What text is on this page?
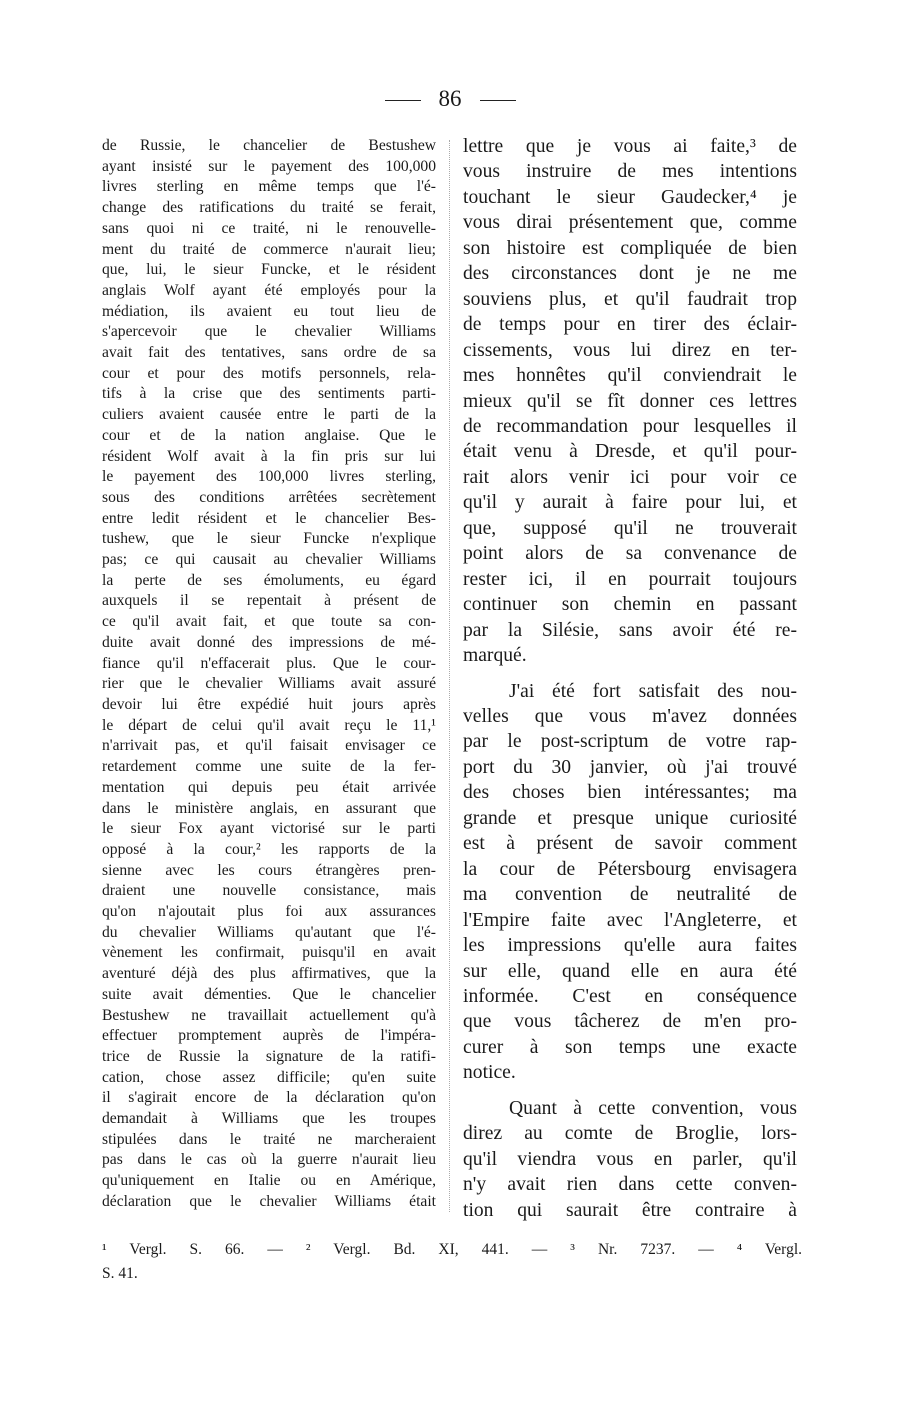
86
de Russie, le chancelier de Bestushew
ayant insisté sur le payement des 100,000
livres sterling en même temps que l'é-
change des ratifications du traité se ferait,
sans quoi ni ce traité, ni le renouvelle-
ment du traité de commerce n'aurait lieu;
que, lui, le sieur Funcke, et le résident
anglais Wolf ayant été employés pour la
médiation, ils avaient eu tout lieu de
s'apercevoir que le chevalier Williams
avait fait des tentatives, sans ordre de sa
cour et pour des motifs personnels, rela-
tifs à la crise que des sentiments parti-
culiers avaient causée entre le parti de la
cour et de la nation anglaise. Que le
résident Wolf avait à la fin pris sur lui
le payement des 100,000 livres sterling,
sous des conditions arrêtées secrètement
entre ledit résident et le chancelier Bes-
tushew, que le sieur Funcke n'explique
pas; ce qui causait au chevalier Williams
la perte de ses émoluments, eu égard
auxquels il se repentait à présent de
ce qu'il avait fait, et que toute sa con-
duite avait donné des impressions de mé-
fiance qu'il n'effacerait plus. Que le cour-
rier que le chevalier Williams avait assuré
devoir lui être expédié huit jours après
le départ de celui qu'il avait reçu le 11,¹
n'arrivait pas, et qu'il faisait envisager ce
retardement comme une suite de la fer-
mentation qui depuis peu était arrivée
dans le ministère anglais, en assurant que
le sieur Fox ayant victorisé sur le parti
opposé à la cour,² les rapports de la
sienne avec les cours étrangères pren-
draient une nouvelle consistance, mais
qu'on n'ajoutait plus foi aux assurances
du chevalier Williams qu'autant que l'é-
vènement les confirmait, puisqu'il en avait
aventuré déjà des plus affirmatives, que la
suite avait démenties. Que le chancelier
Bestushew ne travaillait actuellement qu'à
effectuer promptement auprès de l'impéra-
trice de Russie la signature de la ratifi-
cation, chose assez difficile; qu'en suite
il s'agirait encore de la déclaration qu'on
demandait à Williams que les troupes
stipulées dans le traité ne marcheraient
pas dans le cas où la guerre n'aurait lieu
qu'uniquement en Italie ou en Amérique,
déclaration que le chevalier Williams était
lettre que je vous ai faite,³ de
vous instruire de mes intentions
touchant le sieur Gaudecker,⁴ je
vous dirai présentement que, comme
son histoire est compliquée de bien
des circonstances dont je ne me
souviens plus, et qu'il faudrait trop
de temps pour en tirer des éclair-
cissements, vous lui direz en ter-
mes honnêtes qu'il conviendrait le
mieux qu'il se fît donner ces lettres
de recommandation pour lesquelles il
était venu à Dresde, et qu'il pour-
rait alors venir ici pour voir ce
qu'il y aurait à faire pour lui, et
que, supposé qu'il ne trouverait
point alors de sa convenance de
rester ici, il en pourrait toujours
continuer son chemin en passant
par la Silésie, sans avoir été re-
marqué.
J'ai été fort satisfait des nou-
velles que vous m'avez données
par le post-scriptum de votre rap-
port du 30 janvier, où j'ai trouvé
des choses bien intéressantes; ma
grande et presque unique curiosité
est à présent de savoir comment
la cour de Pétersbourg envisagera
ma convention de neutralité de
l'Empire faite avec l'Angleterre, et
les impressions qu'elle aura faites
sur elle, quand elle en aura été
informée. C'est en conséquence
que vous tâcherez de m'en pro-
curer à son temps une exacte
notice.
Quant à cette convention, vous
direz au comte de Broglie, lors-
qu'il viendra vous en parler, qu'il
n'y avait rien dans cette conven-
tion qui saurait être contraire à
¹ Vergl. S. 66. — ² Vergl. Bd. XI, 441. — ³ Nr. 7237. — ⁴ Vergl.
S. 41.
